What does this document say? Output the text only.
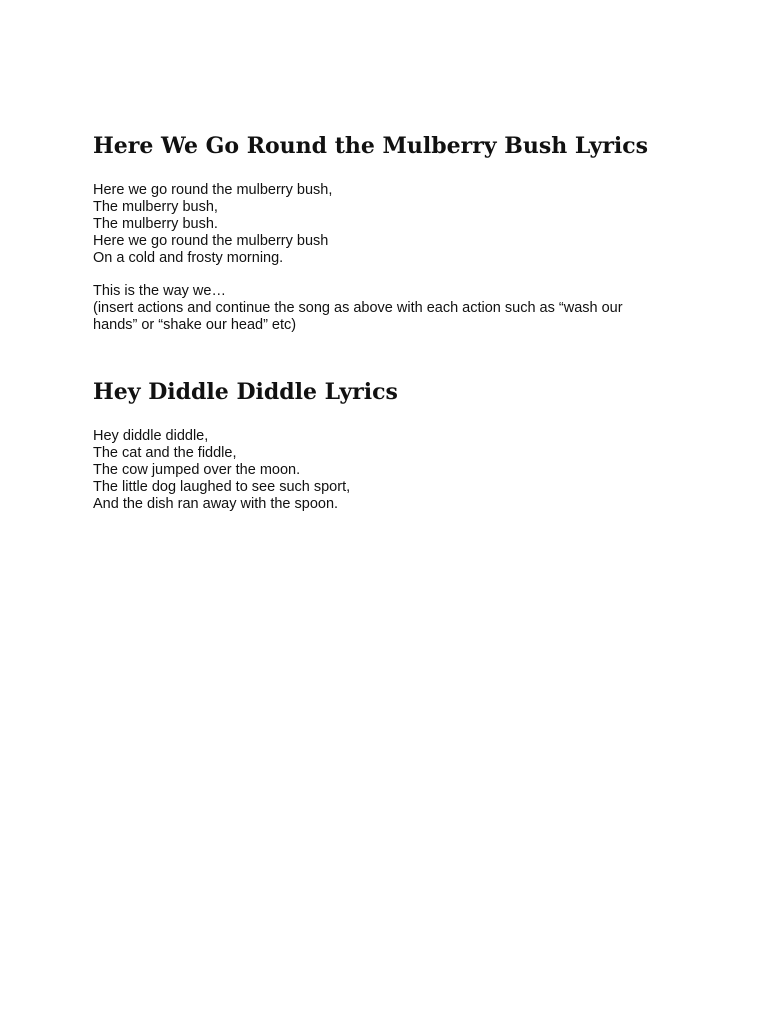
Here We Go Round the Mulberry Bush Lyrics
Here we go round the mulberry bush,
The mulberry bush,
The mulberry bush.
Here we go round the mulberry bush
On a cold and frosty morning.
This is the way we…
(insert actions and continue the song as above with each action such as “wash our
hands” or “shake our head” etc)
Hey Diddle Diddle Lyrics
Hey diddle diddle,
The cat and the fiddle,
The cow jumped over the moon.
The little dog laughed to see such sport,
And the dish ran away with the spoon.
